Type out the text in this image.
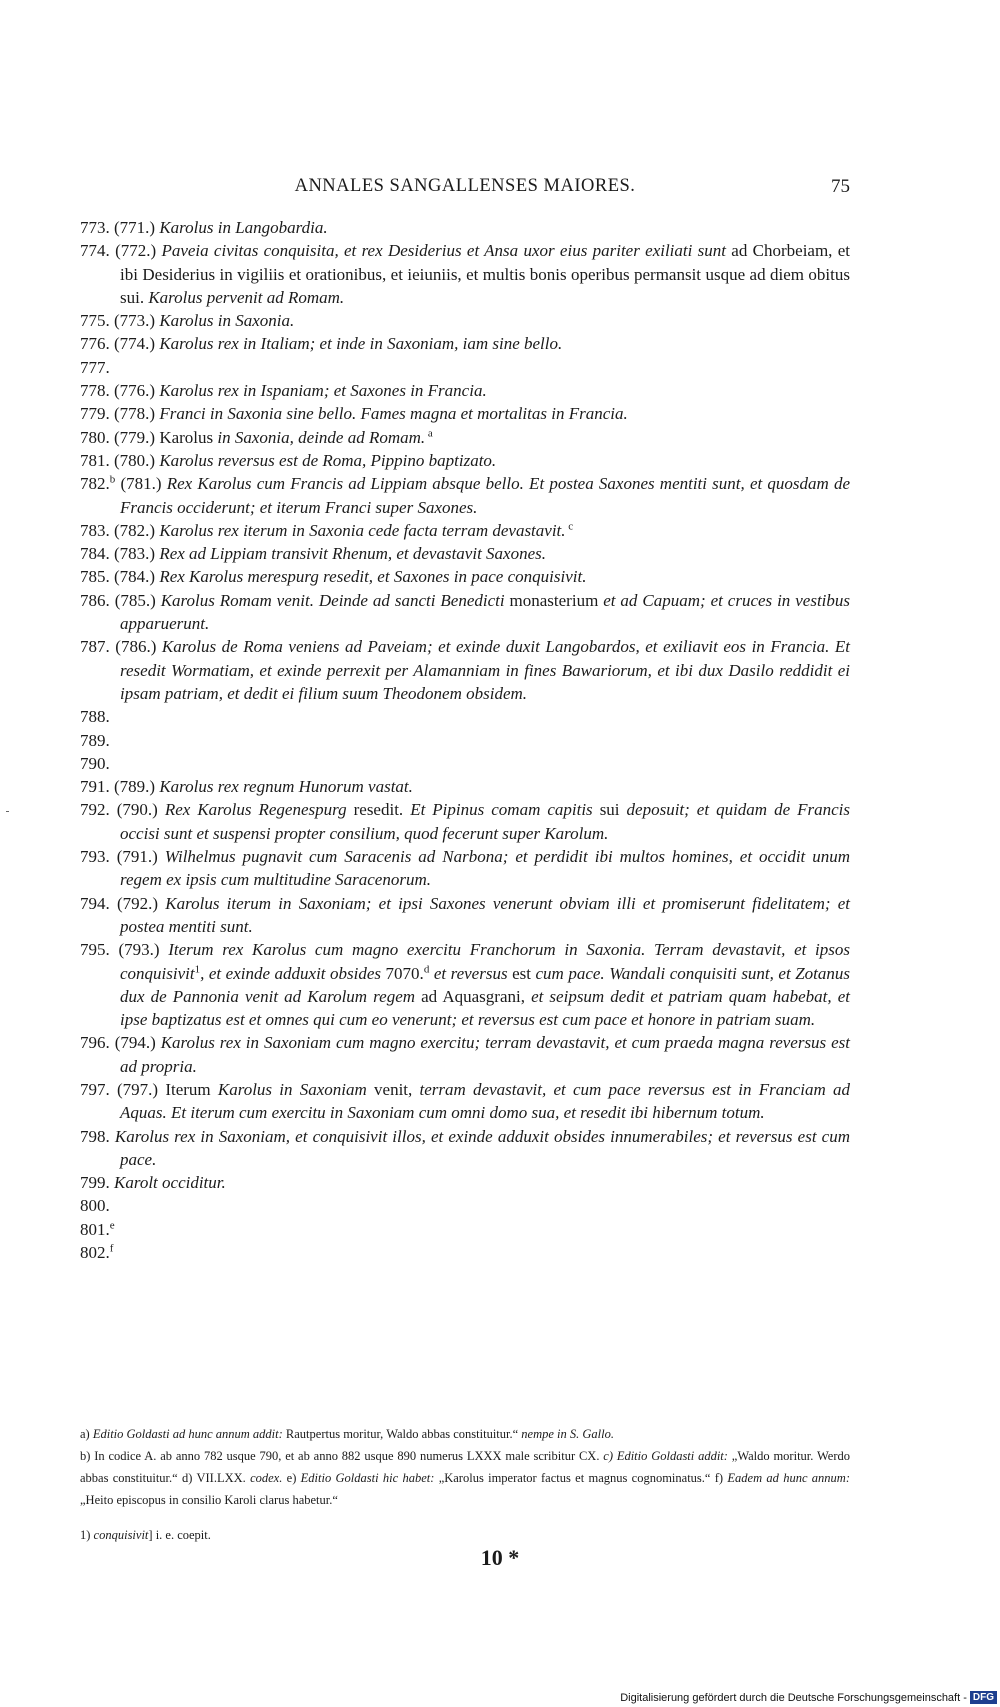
ANNALES SANGALLENSES MAIORES.	75
773. (771.) Karolus in Langobardia.
774. (772.) Paveia civitas conquisita, et rex Desiderius et Ansa uxor eius pariter exiliati sunt ad Chorbeiam, et ibi Desiderius in vigiliis et orationibus, et ieiuniis, et multis bonis operibus permansit usque ad diem obitus sui. Karolus pervenit ad Romam.
775. (773.) Karolus in Saxonia.
776. (774.) Karolus rex in Italiam; et inde in Saxoniam, iam sine bello.
777.
778. (776.) Karolus rex in Ispaniam; et Saxones in Francia.
779. (778.) Franci in Saxonia sine bello. Fames magna et mortalitas in Francia.
780. (779.) Karolus in Saxonia, deinde ad Romam. $^a$
781. (780.) Karolus reversus est de Roma, Pippino baptizato.
782.$^b$ (781.) Rex Karolus cum Francis ad Lippiam absque bello. Et postea Saxones mentiti sunt, et quosdam de Francis occiderunt; et iterum Franci super Saxones.
783. (782.) Karolus rex iterum in Saxonia cede facta terram devastavit. $^c$
784. (783.) Rex ad Lippiam transivit Rhenum, et devastavit Saxones.
785. (784.) Rex Karolus merespurg resedit, et Saxones in pace conquisivit.
786. (785.) Karolus Romam venit. Deinde ad sancti Benedicti monasterium et ad Capuam; et cruces in vestibus apparuerunt.
787. (786.) Karolus de Roma veniens ad Paveiam; et exinde duxit Langobardos, et exiliavit eos in Francia. Et resedit Wormatiam, et exinde perrexit per Alamanniam in fines Bawariorum, et ibi dux Dasilo reddidit ei ipsam patriam, et dedit ei filium suum Theodonem obsidem.
788.
789.
790.
791. (789.) Karolus rex regnum Hunorum vastat.
792. (790.) Rex Karolus Regenespurg resedit. Et Pipinus comam capitis sui deposuit; et quidam de Francis occisi sunt et suspensi propter consilium, quod fecerunt super Karolum.
793. (791.) Wilhelmus pugnavit cum Saracenis ad Narbona; et perdidit ibi multos homines, et occidit unum regem ex ipsis cum multitudine Saracenorum.
794. (792.) Karolus iterum in Saxoniam; et ipsi Saxones venerunt obviam illi et promiserunt fidelitatem; et postea mentiti sunt.
795. (793.) Iterum rex Karolus cum magno exercitu Franchorum in Saxonia. Terram devastavit, et ipsos conquisivit$^1$, et exinde adduxit obsides 7070.$^d$ et reversus est cum pace. Wandali conquisiti sunt, et Zotanus dux de Pannonia venit ad Karolum regem ad Aquasgrani, et seipsum dedit et patriam quam habebat, et ipse baptizatus est et omnes qui cum eo venerunt; et reversus est cum pace et honore in patriam suam.
796. (794.) Karolus rex in Saxoniam cum magno exercitu; terram devastavit, et cum praeda magna reversus est ad propria.
797. (797.) Iterum Karolus in Saxoniam venit, terram devastavit, et cum pace reversus est in Franciam ad Aquas. Et iterum cum exercitu in Saxoniam cum omni domo sua, et resedit ibi hibernum totum.
798. Karolus rex in Saxoniam, et conquisivit illos, et exinde adduxit obsides innumerabiles; et reversus est cum pace.
799. Karolt occiditur.
800.
801.$^e$
802.$^f$
a) Editio Goldasti ad hunc annum addit: Rautpertus moritur, Waldo abbas constituitur.“ nempe in S. Gallo.
b) In codice A. ab anno 782 usque 790, et ab anno 882 usque 890 numerus LXXX male scribitur CX. c) Editio Goldasti addit: „Waldo moritur. Werdo abbas constituitur.“ d) VII.LXX. codex. e) Editio Goldasti hic habet: „Karolus imperator factus et magnus cognominatus.“ f) Eadem ad hunc annum: „Heito episcopus in consilio Karoli clarus habetur.“
1) conquisivit] i. e. coepit.
10 *
Digitalisierung gefördert durch die Deutsche Forschungsgemeinschaft - DFG
